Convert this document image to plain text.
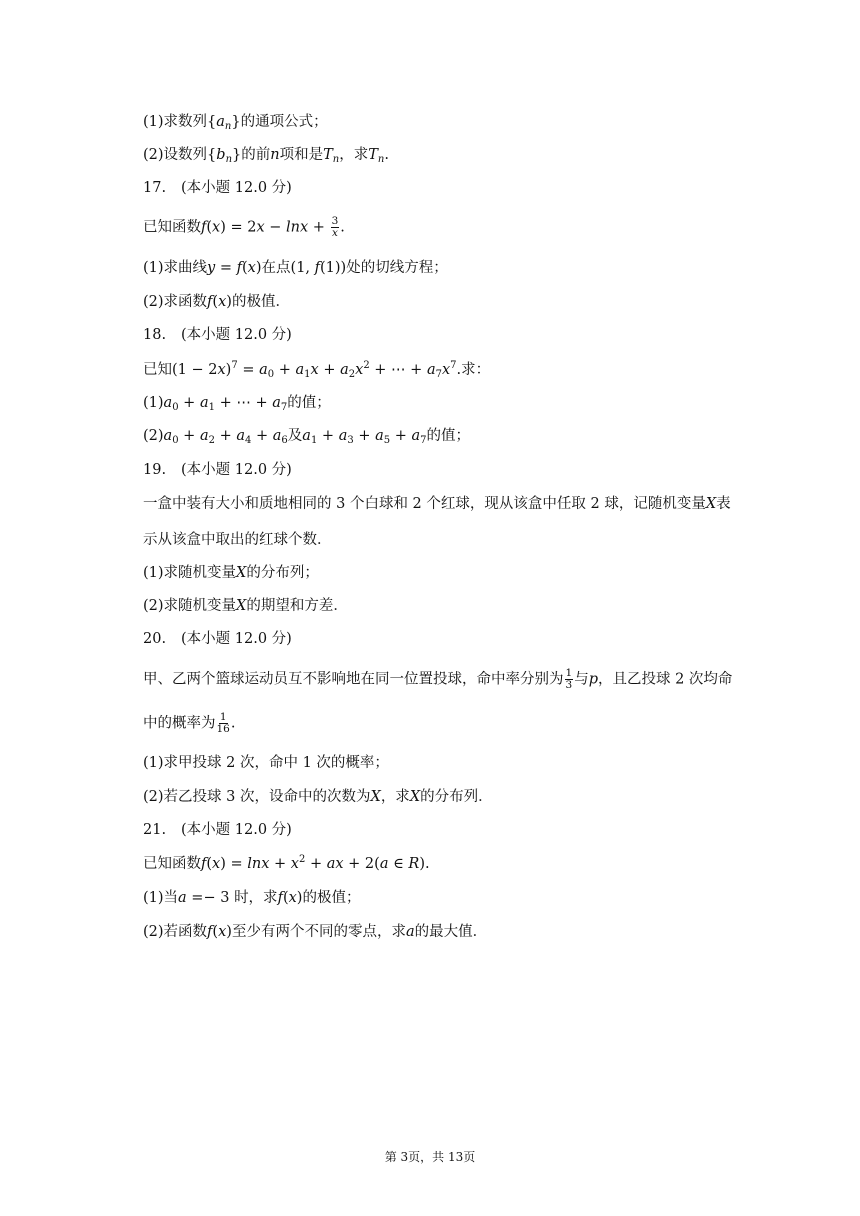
(1)求数列$\{a_n\}$的通项公式；
(2)设数列$\{b_n\}$的前n项和是$T_n$，求$T_n$.
17. (本小题 12.0 分)
已知函数$f(x) = 2x - \ln x + \frac{3}{x}$ .
(1)求曲线y = f(x)在点(1, f(1))处的切线方程；
(2)求函数f(x)的极值．
18. (本小题 12.0 分)
已知$(1 - 2x)^7 = a_0 + a_1x + a_2x^2$ + ⋯ + $a_7x^7$.求：
$(1)a_0 + a_1$ + ⋯ + $a_7$的值；
$(2)a_0 + a_2 + a_4 + a_6$及$a_1 + a_3 + a_5 + a_7$的值；
19. (本小题 12.0 分)
一盒中装有大小和质地相同的 3 个白球和 2 个红球，现从该盒中任取 2 球，记随机变量X表
示从该盒中取出的红球个数．
(1)求随机变量X的分布列；
(2)求随机变量X的期望和方差．
20. (本小题 12.0 分)
甲、乙两个篮球运动员互不影响地在同一位置投球，命中率分别为 $\frac{1}{3}$ 与p，且乙投球 2 次均命
中的概率为 $\frac{1}{16}$ .
(1)求甲投球 2 次，命中 1 次的概率；
(2)若乙投球 3 次，设命中的次数为X，求X的分布列．
21. (本小题 12.0 分)
已知函数$f(x) = \ln x + x^2$ + ax + 2(a ∈ R).
(1)当a =− 3 时，求f(x)的极值；
(2)若函数f(x)至少有两个不同的零点，求a的最大值．
第 3页，共 13页
